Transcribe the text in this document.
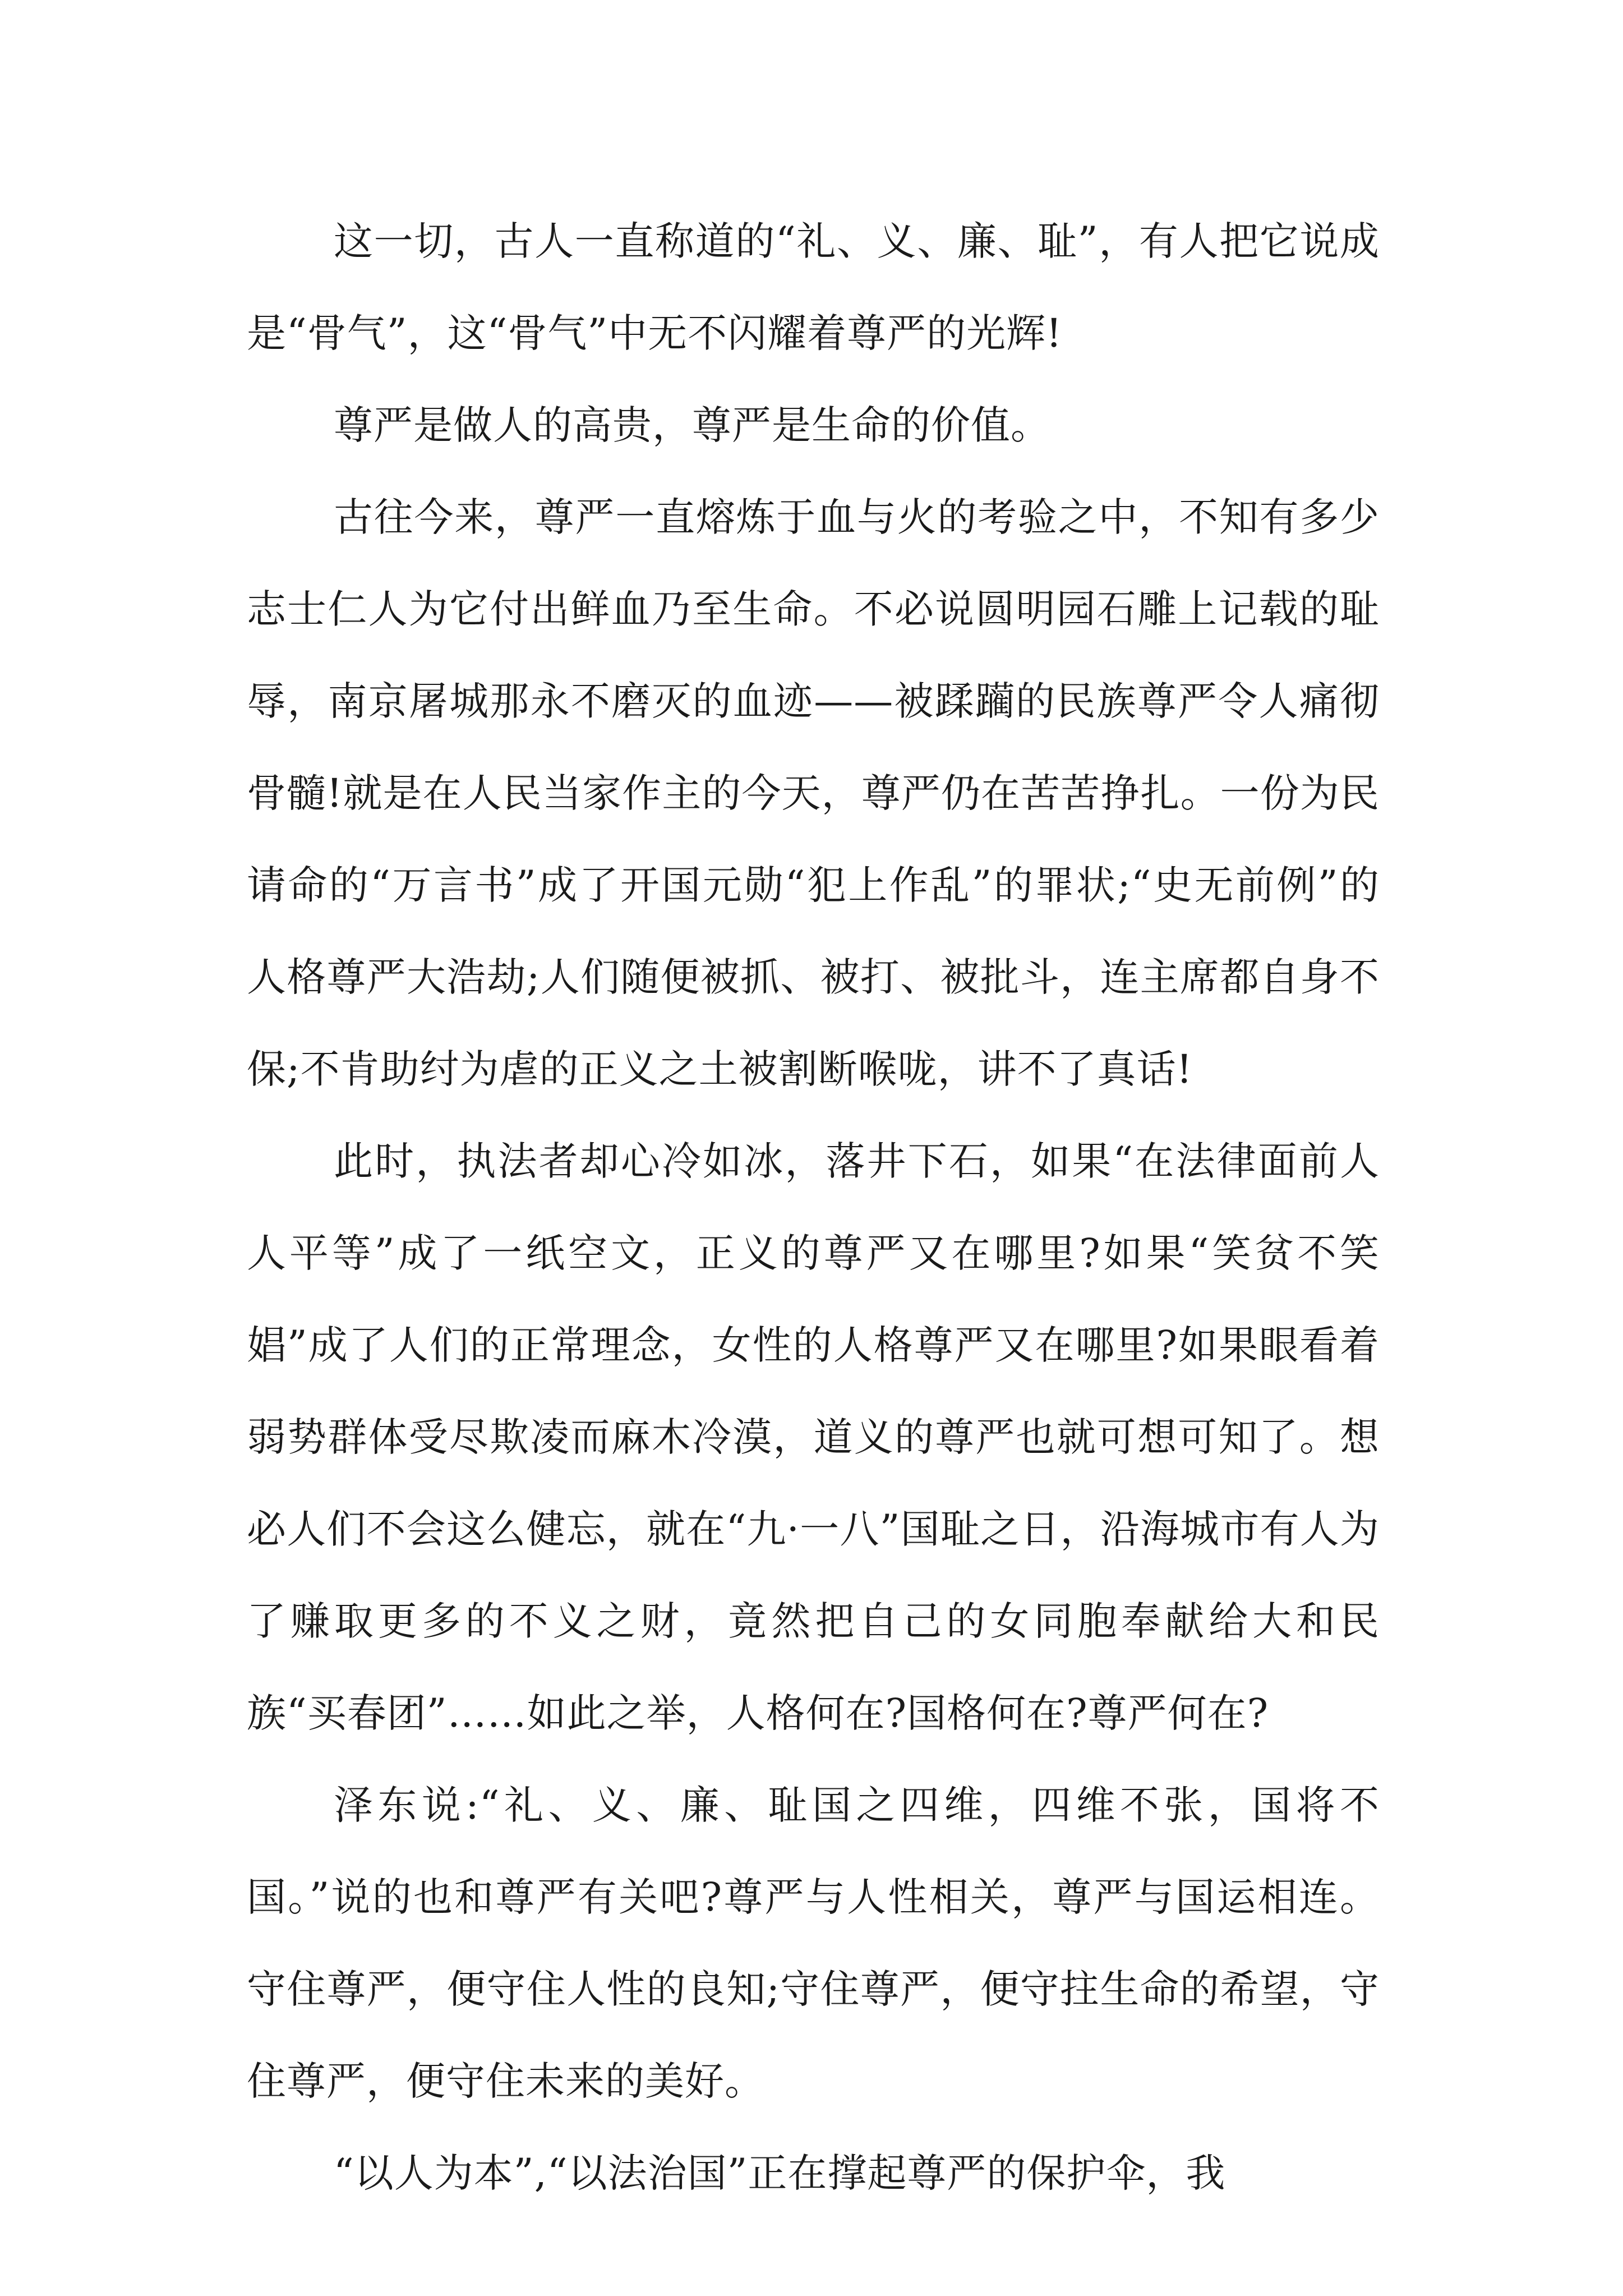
这一切，古人一直称道的“礼、义、廉、耻”，有人把它说成是“骨气”，这“骨气”中无不闪耀着尊严的光辉!

尊严是做人的高贵，尊严是生命的价值。

古往今来，尊严一直熔炼于血与火的考验之中，不知有多少志士仁人为它付出鲜血乃至生命。不必说圆明园石雕上记载的耻辱，南京屠城那永不磨灭的血迹——被蹂躏的民族尊严令人痛彻骨髓!就是在人民当家作主的今天，尊严仍在苦苦挣扎。一份为民请命的“万言书”成了开国元勋“犯上作乱”的罪状;“史无前例”的人格尊严大浩劫;人们随便被抓、被打、被批斗，连主席都自身不保;不肯助纣为虐的正义之土被割断喉咙，讲不了真话!

此时，执法者却心冷如冰，落井下石，如果“在法律面前人人平等”成了一纸空文，正义的尊严又在哪里?如果“笑贫不笑娼”成了人们的正常理念，女性的人格尊严又在哪里?如果眼看着弱势群体受尽欺凌而麻木冷漠，道义的尊严也就可想可知了。想必人们不会这么健忘，就在“九·一八”国耻之日，沿海城市有人为了赚取更多的不义之财，竟然把自己的女同胞奉献给大和民族“买春团”……如此之举，人格何在?国格何在?尊严何在?

泽东说:“礼、义、廉、耻国之四维，四维不张，国将不国。”说的也和尊严有关吧?尊严与人性相关，尊严与国运相连。守住尊严，便守住人性的良知;守住尊严，便守拄生命的希望，守住尊严，便守住未来的美好。

“以人为本”,“以法治国”正在撑起尊严的保护伞，我
